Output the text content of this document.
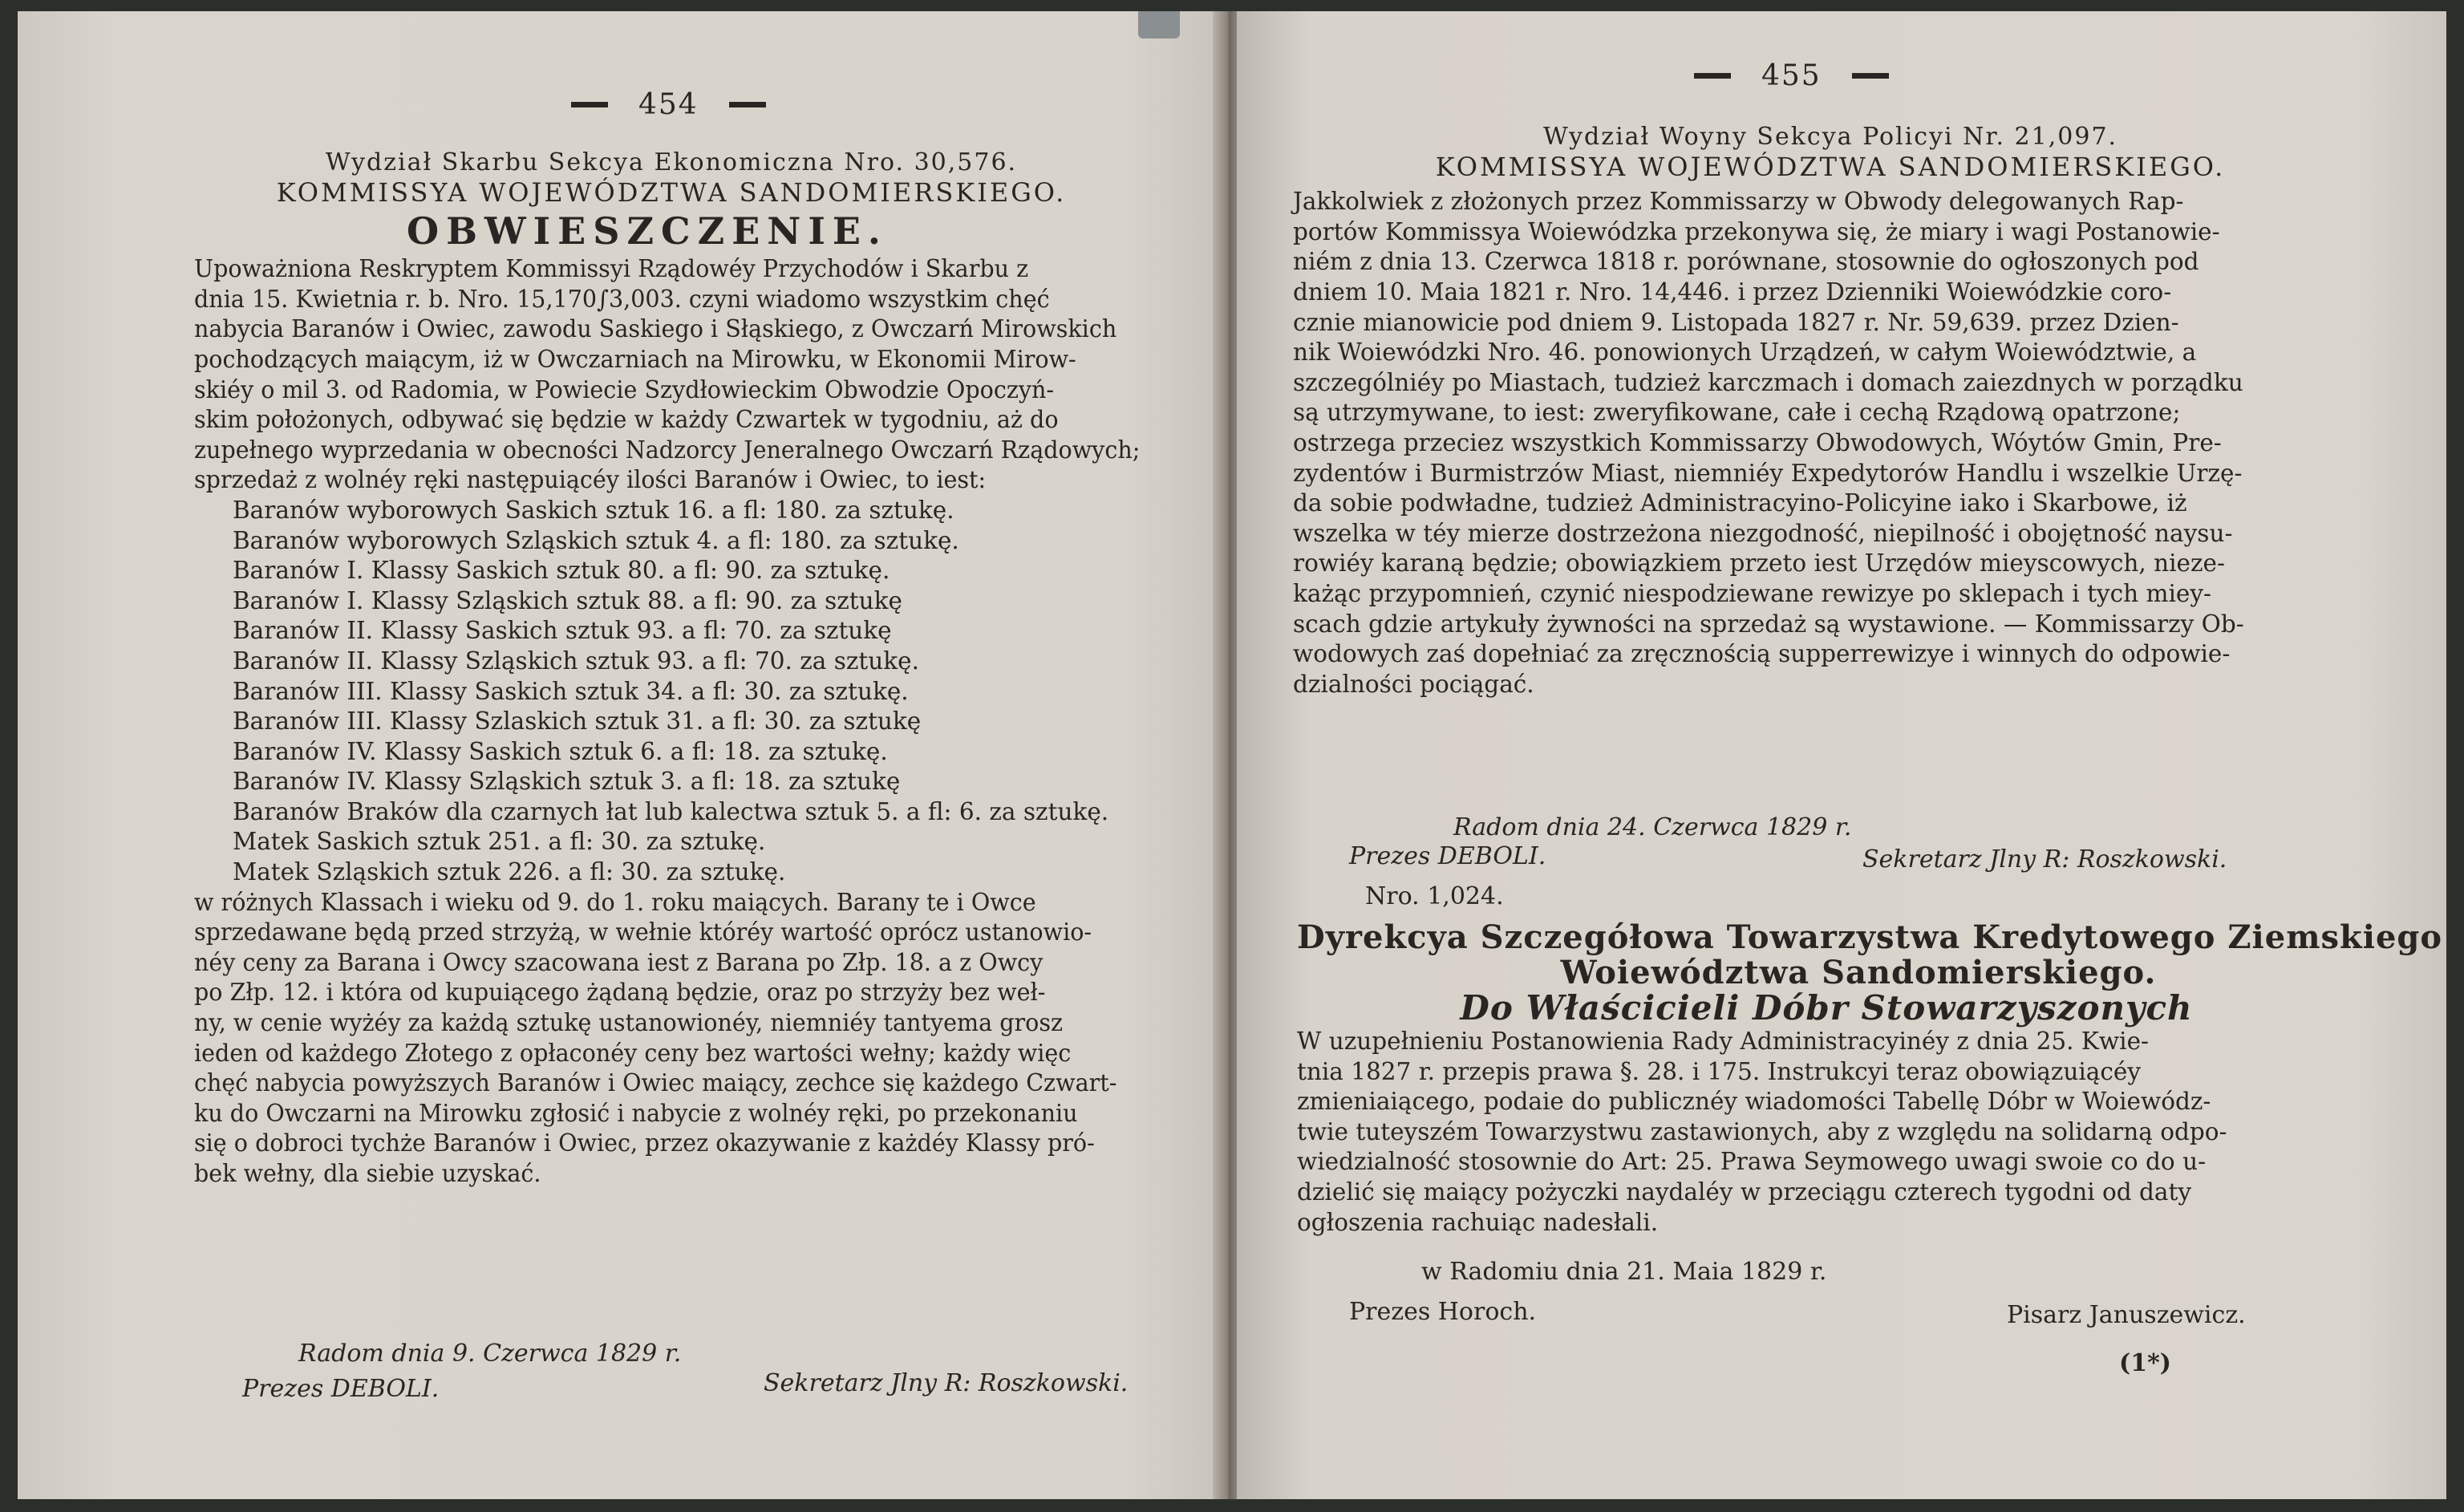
454
Wydział Skarbu Sekcya Ekonomiczna Nro. 30,576.
KOMMISSYA WOJEWÓDZTWA SANDOMIERSKIEGO.
OBWIESZCZENIE.
Upoważniona Reskryptem Kommissyi Rządowéy Przychodów i Skarbu z
dnia 15. Kwietnia r. b. Nro. 15,170∫3,003. czyni wiadomo wszystkim chęć
nabycia Baranów i Owiec, zawodu Saskiego i Słąskiego, z Owczarń Mirowskich
pochodzących maiącym, iż w Owczarniach na Mirowku, w Ekonomii Mirow-
skiéy o mil 3. od Radomia, w Powiecie Szydłowieckim Obwodzie Opoczyń-
skim położonych, odbywać się będzie w każdy Czwartek w tygodniu, aż do
zupełnego wyprzedania w obecności Nadzorcy Jeneralnego Owczarń Rządowych;
sprzedaż z wolnéy ręki następuiącéy ilości Baranów i Owiec, to iest:
Baranów wyborowych Saskich sztuk 16. a fl: 180. za sztukę.
Baranów wyborowych Szląskich sztuk 4. a fl: 180. za sztukę.
Baranów I. Klassy Saskich sztuk 80. a fl: 90. za sztukę.
Baranów I. Klassy Szląskich sztuk 88. a fl: 90. za sztukę
Baranów II. Klassy Saskich sztuk 93. a fl: 70. za sztukę
Baranów II. Klassy Szląskich sztuk 93. a fl: 70. za sztukę.
Baranów III. Klassy Saskich sztuk 34. a fl: 30. za sztukę.
Baranów III. Klassy Szlaskich sztuk 31. a fl: 30. za sztukę
Baranów IV. Klassy Saskich sztuk 6. a fl: 18. za sztukę.
Baranów IV. Klassy Szląskich sztuk 3. a fl: 18. za sztukę
Baranów Braków dla czarnych łat lub kalectwa sztuk 5. a fl: 6. za sztukę.
Matek Saskich sztuk 251. a fl: 30. za sztukę.
Matek Szląskich sztuk 226. a fl: 30. za sztukę.
w różnych Klassach i wieku od 9. do 1. roku maiących. Barany te i Owce
sprzedawane będą przed strzyżą, w wełnie któréy wartość oprócz ustanowio-
néy ceny za Barana i Owcy szacowana iest z Barana po Złp. 18. a z Owcy
po Złp. 12. i która od kupuiącego żądaną będzie, oraz po strzyży bez weł-
ny, w cenie wyżéy za każdą sztukę ustanowionéy, niemniéy tantyema grosz
ieden od każdego Złotego z opłaconéy ceny bez wartości wełny; każdy więc
chęć nabycia powyższych Baranów i Owiec maiący, zechce się każdego Czwart-
ku do Owczarni na Mirowku zgłosić i nabycie z wolnéy ręki, po przekonaniu
się o dobroci tychże Baranów i Owiec, przez okazywanie z każdéy Klassy pró-
bek wełny, dla siebie uzyskać.
Radom dnia 9. Czerwca 1829 r.
Prezes DEBOLI.	Sekretarz Jlny R: Roszkowski.
455
Wydział Woyny Sekcya Policyi Nr. 21,097.
KOMMISSYA WOJEWÓDZTWA SANDOMIERSKIEGO.
Jakkolwiek z złożonych przez Kommissarzy w Obwody delegowanych Rap-
portów Kommissya Woiewódzka przekonywa się, że miary i wagi Postanowie-
niém z dnia 13. Czerwca 1818 r. porównane, stosownie do ogłoszonych pod
dniem 10. Maia 1821 r. Nro. 14,446. i przez Dzienniki Woiewódzkie coro-
cznie mianowicie pod dniem 9. Listopada 1827 r. Nr. 59,639. przez Dzien-
nik Woiewódzki Nro. 46. ponowionych Urządzeń, w całym Woiewództwie, a
szczególniéy po Miastach, tudzież karczmach i domach zaiezdnych w porządku
są utrzymywane, to iest: zweryfikowane, całe i cechą Rządową opatrzone;
ostrzega przeciez wszystkich Kommissarzy Obwodowych, Wóytów Gmin, Pre-
zydentów i Burmistrzów Miast, niemniéy Expedytorów Handlu i wszelkie Urzę-
da sobie podwładne, tudzież Administracyino-Policyine iako i Skarbowe, iż
wszelka w téy mierze dostrzeżona niezgodność, niepilność i obojętność naysu-
rowiéy karaną będzie; obowiązkiem przeto iest Urzędów mieyscowych, nieze-
każąc przypomnień, czynić niespodziewane rewizye po sklepach i tych miey-
scach gdzie artykuły żywności na sprzedaż są wystawione. — Kommissarzy Ob-
wodowych zaś dopełniać za zręcznością supperrewizye i winnych do odpowie-
dzialności pociągać.
Radom dnia 24. Czerwca 1829 r.
Prezes DEBOLI.	Sekretarz Jlny R: Roszkowski.
Nro. 1,024.
Dyrekcya Szczegółowa Towarzystwa Kredytowego Ziemskiego
Woiewództwa Sandomierskiego.
Do Właścicieli Dóbr Stowarzyszonych
W uzupełnieniu Postanowienia Rady Administracyinéy z dnia 25. Kwie-
tnia 1827 r. przepis prawa §. 28. i 175. Instrukcyi teraz obowiązuiącéy
zmieniaiącego, podaie do publicznéy wiadomości Tabellę Dóbr w Woiewódz-
twie tuteyszém Towarzystwu zastawionych, aby z względu na solidarną odpo-
wiedzialność stosownie do Art: 25. Prawa Seymowego uwagi swoie co do u-
dzielić się maiący pożyczki naydaléy w przeciągu czterech tygodni od daty
ogłoszenia rachuiąc nadesłali.
w Radomiu dnia 21. Maia 1829 r.
Prezes Horoch.	Pisarz Januszewicz.
(1*)
